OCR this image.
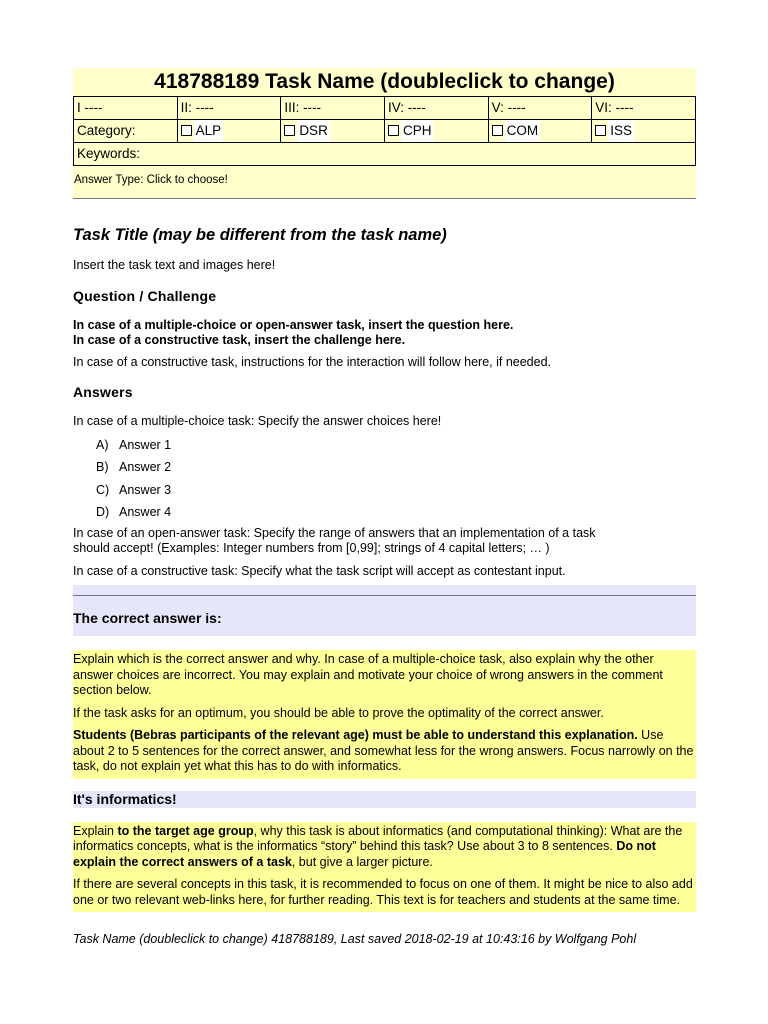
418788189 Task Name (doubleclick to change)
I ----	II: ----	III: ----	IV: ----	V: ----	VI: ----
Category:	ALP	DSR	CPH	COM	ISS
Keywords:					
Answer Type: Click to choose!
Task Title (may be different from the task name)
Insert the task text and images here!
Question / Challenge
In case of a multiple-choice or open-answer task, insert the question here.
In case of a constructive task, insert the challenge here.
In case of a constructive task, instructions for the interaction will follow here, if needed.
Answers
In case of a multiple-choice task: Specify the answer choices here!
A) Answer 1
B) Answer 2
C) Answer 3
D) Answer 4
In case of an open-answer task: Specify the range of answers that an implementation of a task
should accept! (Examples: Integer numbers from [0,99]; strings of 4 capital letters; … )
In case of a constructive task: Specify what the task script will accept as contestant input.
The correct answer is:

Explain which is the correct answer and why. In case of a multiple-choice task, also explain why the other answer choices are incorrect. You may explain and motivate your choice of wrong answers in the comment section below.

If the task asks for an optimum, you should be able to prove the optimality of the correct answer.

Students (Bebras participants of the relevant age) must be able to understand this explanation. Use about 2 to 5 sentences for the correct answer, and somewhat less for the wrong answers. Focus narrowly on the task, do not explain yet what this has to do with informatics.

It's informatics!

Explain to the target age group, why this task is about informatics (and computational thinking): What are the informatics concepts, what is the informatics “story” behind this task? Use about 3 to 8 sentences. Do not explain the correct answers of a task, but give a larger picture.

If there are several concepts in this task, it is recommended to focus on one of them. It might be nice to also add one or two relevant web-links here, for further reading. This text is for teachers and students at the same time.

Task Name (doubleclick to change) 418788189, Last saved 2018-02-19 at 10:43:16 by Wolfgang Pohl
